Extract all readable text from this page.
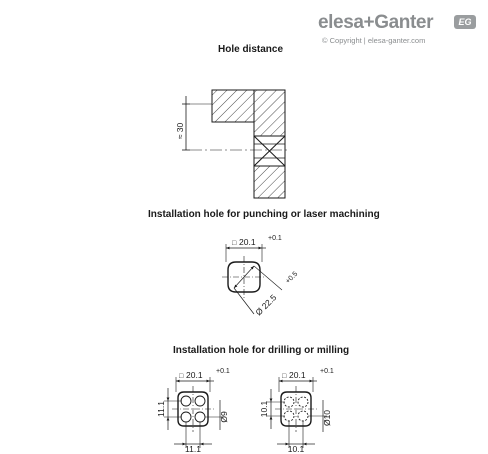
elesa+Ganter	EG
© Copyright | elesa-ganter.com
Hole distance
Installation hole for punching or laser machining
Installation hole for drilling or milling
≈ 30
□ 20.1 +0.1
Ø 22.5
+0.5
□ 20.1 +0.1
11.1
Ø9
11.1
□ 20.1 +0.1
10.1
Ø10
10.1
